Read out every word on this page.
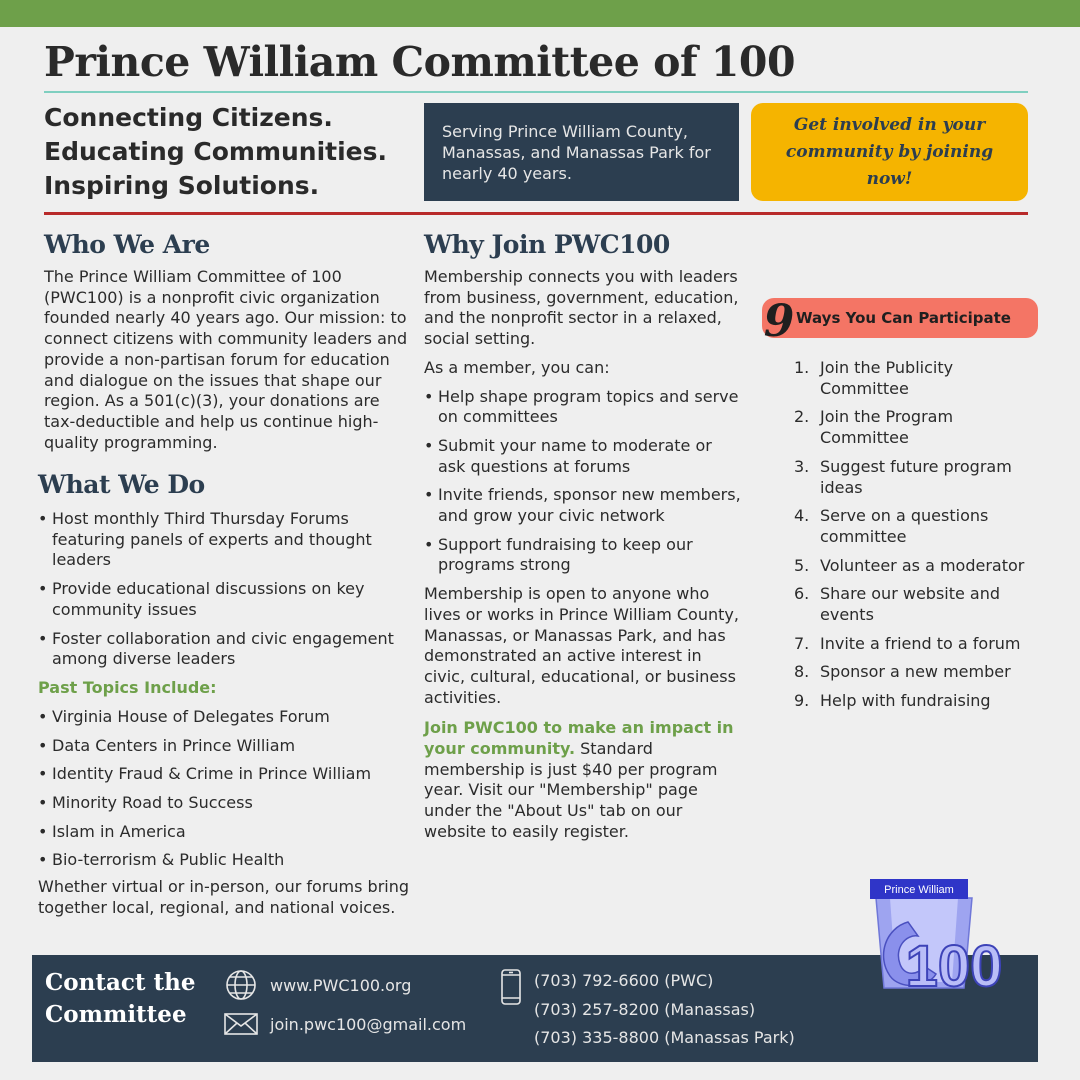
Prince William Committee of 100
Connecting Citizens.
Educating Communities.
Inspiring Solutions.
Serving Prince William County, Manassas, and Manassas Park for nearly 40 years.
Get involved in your community by joining now!
Who We Are

The Prince William Committee of 100 (PWC100) is a nonprofit civic organization founded nearly 40 years ago. Our mission: to connect citizens with community leaders and provide a non-partisan forum for education and dialogue on the issues that shape our region. As a 501(c)(3), your donations are tax-deductible and help us continue high-quality programming.

What We Do
• Host monthly Third Thursday Forums featuring panels of experts and thought leaders
• Provide educational discussions on key community issues
• Foster collaboration and civic engagement among diverse leaders
Past Topics Include:
• Virginia House of Delegates Forum
• Data Centers in Prince William
• Identity Fraud & Crime in Prince William
• Minority Road to Success
• Islam in America
• Bio-terrorism & Public Health

Whether virtual or in-person, our forums bring together local, regional, and national voices.

Why Join PWC100

Membership connects you with leaders from business, government, education, and the nonprofit sector in a relaxed, social setting.

As a member, you can:

• Help shape program topics and serve on committees
• Submit your name to moderate or ask questions at forums
• Invite friends, sponsor new members, and grow your civic network
• Support fundraising to keep our programs strong

Membership is open to anyone who lives or works in Prince William County, Manassas, or Manassas Park, and has demonstrated an active interest in civic, cultural, educational, or business activities.

Join PWC100 to make an impact in your community. Standard membership is just $40 per program year. Visit our "Membership" page under the "About Us" tab on our website to easily register.

9 Ways You Can Participate
1. Join the Publicity Committee
2. Join the Program Committee
3. Suggest future program ideas
4. Serve on a questions committee
5. Volunteer as a moderator
6. Share our website and events
7. Invite a friend to a forum
8. Sponsor a new member
9. Help with fundraising
Contact the
Committee
www.PWC100.org
join.pwc100@gmail.com
(703) 792-6600 (PWC)
(703) 257-8200 (Manassas)
(703) 335-8800 (Manassas Park)
Prince William
100
